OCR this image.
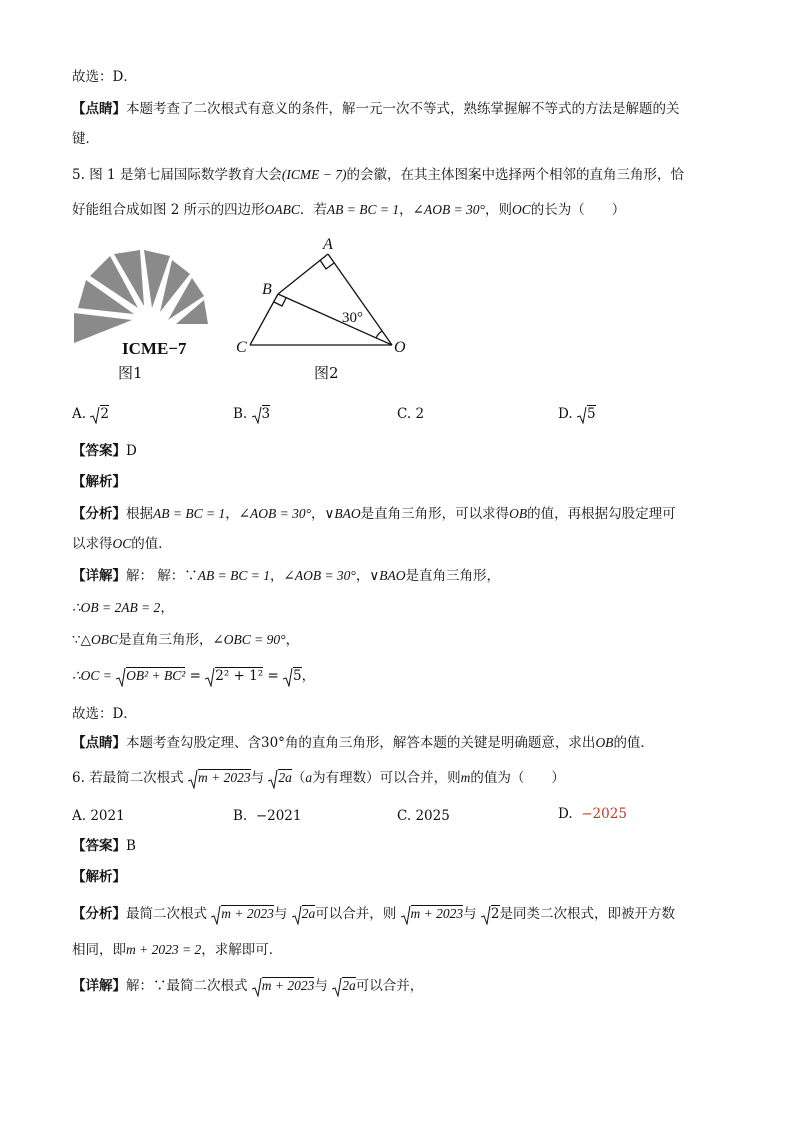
故选：D．
【点睛】本题考查了二次根式有意义的条件，解一元一次不等式，熟练掌握解不等式的方法是解题的关
键．
5. 图 1 是第七届国际数学教育大会(ICME − 7)的会徽，在其主体图案中选择两个相邻的直角三角形，恰
好能组合成如图 2 所示的四边形OABC．若AB = BC = 1，∠AOB = 30°，则OC的长为（　　）
ICME−7
图1
A
B
C	O
30°
图2
A. 2	B. 3	C. 2	D. 5
【答案】D
【解析】
【分析】根据AB = BC = 1，∠AOB = 30°，∨BAO是直角三角形，可以求得OB的值，再根据勾股定理可
以求得OC的值．
【详解】解： 解：∵AB = BC = 1，∠AOB = 30°，∨BAO是直角三角形，
∴OB = 2AB = 2，
∵△OBC是直角三角形，∠OBC = 90°，
∴OC = OB² + BC² = 2² + 1² = 5，
故选：D．
【点睛】本题考查勾股定理、含30°角的直角三角形，解答本题的关键是明确题意，求出OB的值．
6. 若最简二次根式 m + 2023与 2a（a为有理数）可以合并，则m的值为（　　）
A. 2021	B. −2021	C. 2025	D. −2025
【答案】B
【解析】
【分析】最简二次根式 m + 2023与 2a可以合并，则 m + 2023与 2是同类二次根式，即被开方数
相同，即m + 2023 = 2，求解即可．
【详解】解：∵最简二次根式 m + 2023与 2a可以合并，
